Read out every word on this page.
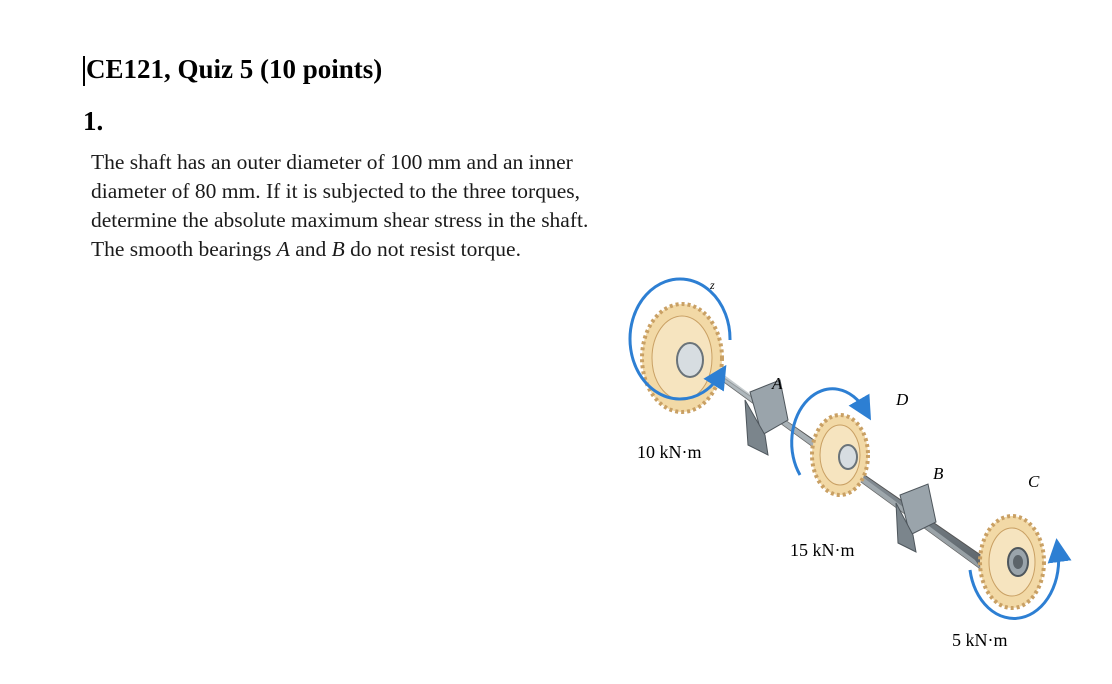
CE121, Quiz 5 (10 points)
1.
The shaft has an outer diameter of 100 mm and an inner
diameter of 80 mm. If it is subjected to the three torques,
determine the absolute maximum shear stress in the shaft.
The smooth bearings A and B do not resist torque.
z
A
D
B	C
10 kN·m
15 kN·m
5 kN·m
